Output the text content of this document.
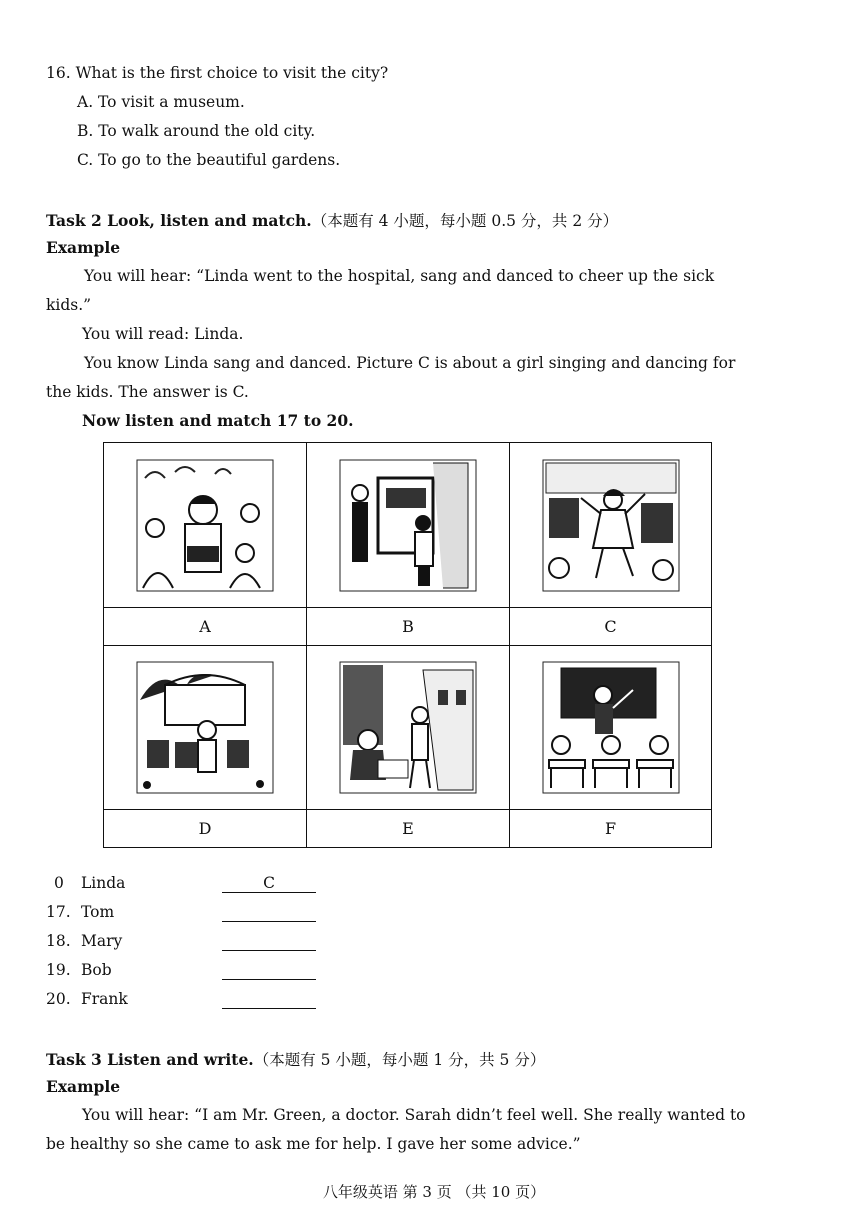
16. What is the first choice to visit the city?
A. To visit a museum.
B. To walk around the old city.
C. To go to the beautiful gardens.
Task 2 Look, listen and match.（本题有 4 小题，每小题 0.5 分，共 2 分）
Example
You will hear: “Linda went to the hospital, sang and danced to cheer up the sick
kids.”
You will read: Linda.
You know Linda sang and danced. Picture C is about a girl singing and dancing for
the kids. The answer is C.
Now listen and match 17 to 20.
A	B	C
D	E	F
0	Linda	C
17. Tom
18. Mary
19. Bob
20. Frank
Task 3 Listen and write.（本题有 5 小题，每小题 1 分，共 5 分）
Example
You will hear: “I am Mr. Green, a doctor. Sarah didn’t feel well. She really wanted to
be healthy so she came to ask me for help. I gave her some advice.”
八年级英语 第 3 页 （共 10 页）
